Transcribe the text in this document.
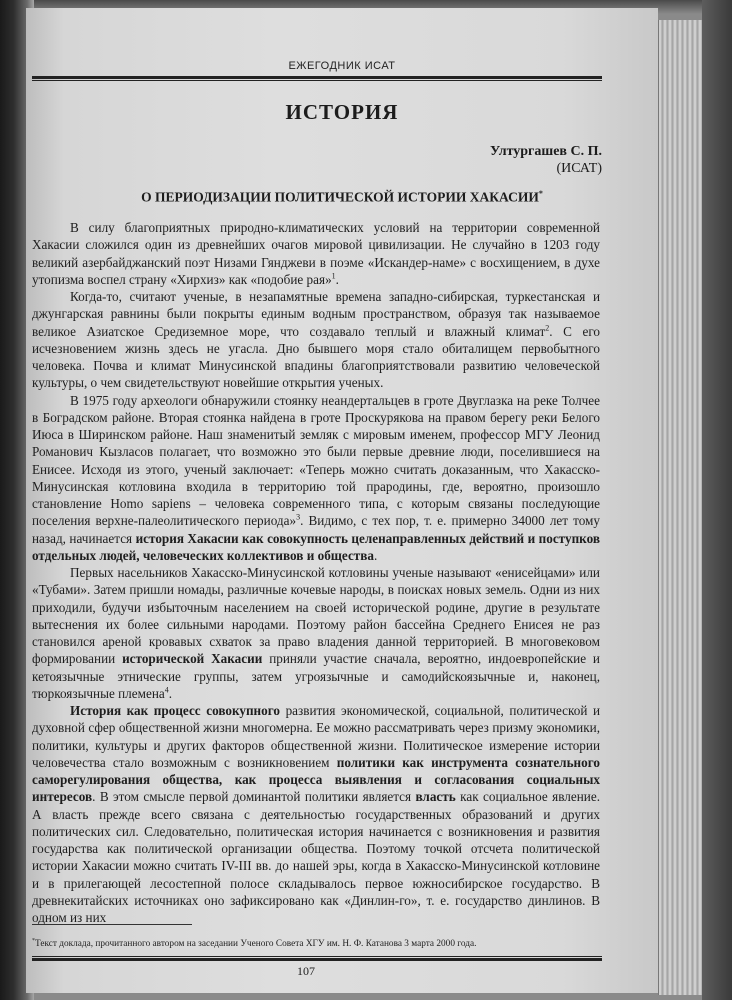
ЕЖЕГОДНИК ИСАТ
ИСТОРИЯ
Ултургашев С. П.
(ИСАТ)
О ПЕРИОДИЗАЦИИ ПОЛИТИЧЕСКОЙ ИСТОРИИ ХАКАСИИ*

В силу благоприятных природно-климатических условий на территории современной Хакасии сложился один из древнейших очагов мировой цивилизации. Не случайно в 1203 году великий азербайджанский поэт Низами Гянджеви в поэме «Искандер-наме» с восхищением, в духе утопизма воспел страну «Хирхиз» как «подобие рая»$^1$.

Когда-то, считают ученые, в незапамятные времена западно-сибирская, туркестанская и джунгарская равнины были покрыты единым водным пространством, образуя так называемое великое Азиатское Средиземное море, что создавало теплый и влажный климат$^2$. С его исчезновением жизнь здесь не угасла. Дно бывшего моря стало обиталищем первобытного человека. Почва и климат Минусинской впадины благоприятствовали развитию человеческой культуры, о чем свидетельствуют новейшие открытия ученых.

В 1975 году археологи обнаружили стоянку неандертальцев в гроте Двуглазка на реке Толчее в Боградском районе. Вторая стоянка найдена в гроте Проскурякова на правом берегу реки Белого Июса в Ширинском районе. Наш знаменитый земляк с мировым именем, профессор МГУ Леонид Романович Кызласов полагает, что возможно это были первые древние люди, поселившиеся на Енисее. Исходя из этого, ученый заключает: «Теперь можно считать доказанным, что Хакасско-Минусинская котловина входила в территорию той прародины, где, вероятно, произошло становление Homo sapiens – человека современного типа, с которым связаны последующие поселения верхне-палеолитического периода»$^3$. Видимо, с тех пор, т. е. примерно 34000 лет тому назад, начинается история Хакасии как совокупность целенаправленных действий и поступков отдельных людей, человеческих коллективов и общества.

Первых насельников Хакасско-Минусинской котловины ученые называют «енисейцами» или «Тубами». Затем пришли номады, различные кочевые народы, в поисках новых земель. Одни из них приходили, будучи избыточным населением на своей исторической родине, другие в результате вытеснения их более сильными народами. Поэтому район бассейна Среднего Енисея не раз становился ареной кровавых схваток за право владения данной территорией. В многовековом формировании исторической Хакасии приняли участие сначала, вероятно, индоевропейские и кетоязычные этнические группы, затем угроязычные и самодийскоязычные и, наконец, тюркоязычные племена$^4$.

История как процесс совокупного развития экономической, социальной, политической и духовной сфер общественной жизни многомерна. Ее можно рассматривать через призму экономики, политики, культуры и других факторов общественной жизни. Политическое измерение истории человечества стало возможным с возникновением политики как инструмента сознательного саморегулирования общества, как процесса выявления и согласования социальных интересов. В этом смысле первой доминантой политики является власть как социальное явление. А власть прежде всего связана с деятельностью государственных образований и других политических сил. Следовательно, политическая история начинается с возникновения и развития государства как политической организации общества. Поэтому точкой отсчета политической истории Хакасии можно считать IV-III вв. до нашей эры, когда в Хакасско-Минусинской котловине и в прилегающей лесостепной полосе складывалось первое южносибирское государство. В древнекитайских источниках оно зафиксировано как «Динлин-го», т. е. государство динлинов. В одном из них

*Текст доклада, прочитанного автором на заседании Ученого Совета ХГУ им. Н. Ф. Катанова 3 марта 2000 года.
107
